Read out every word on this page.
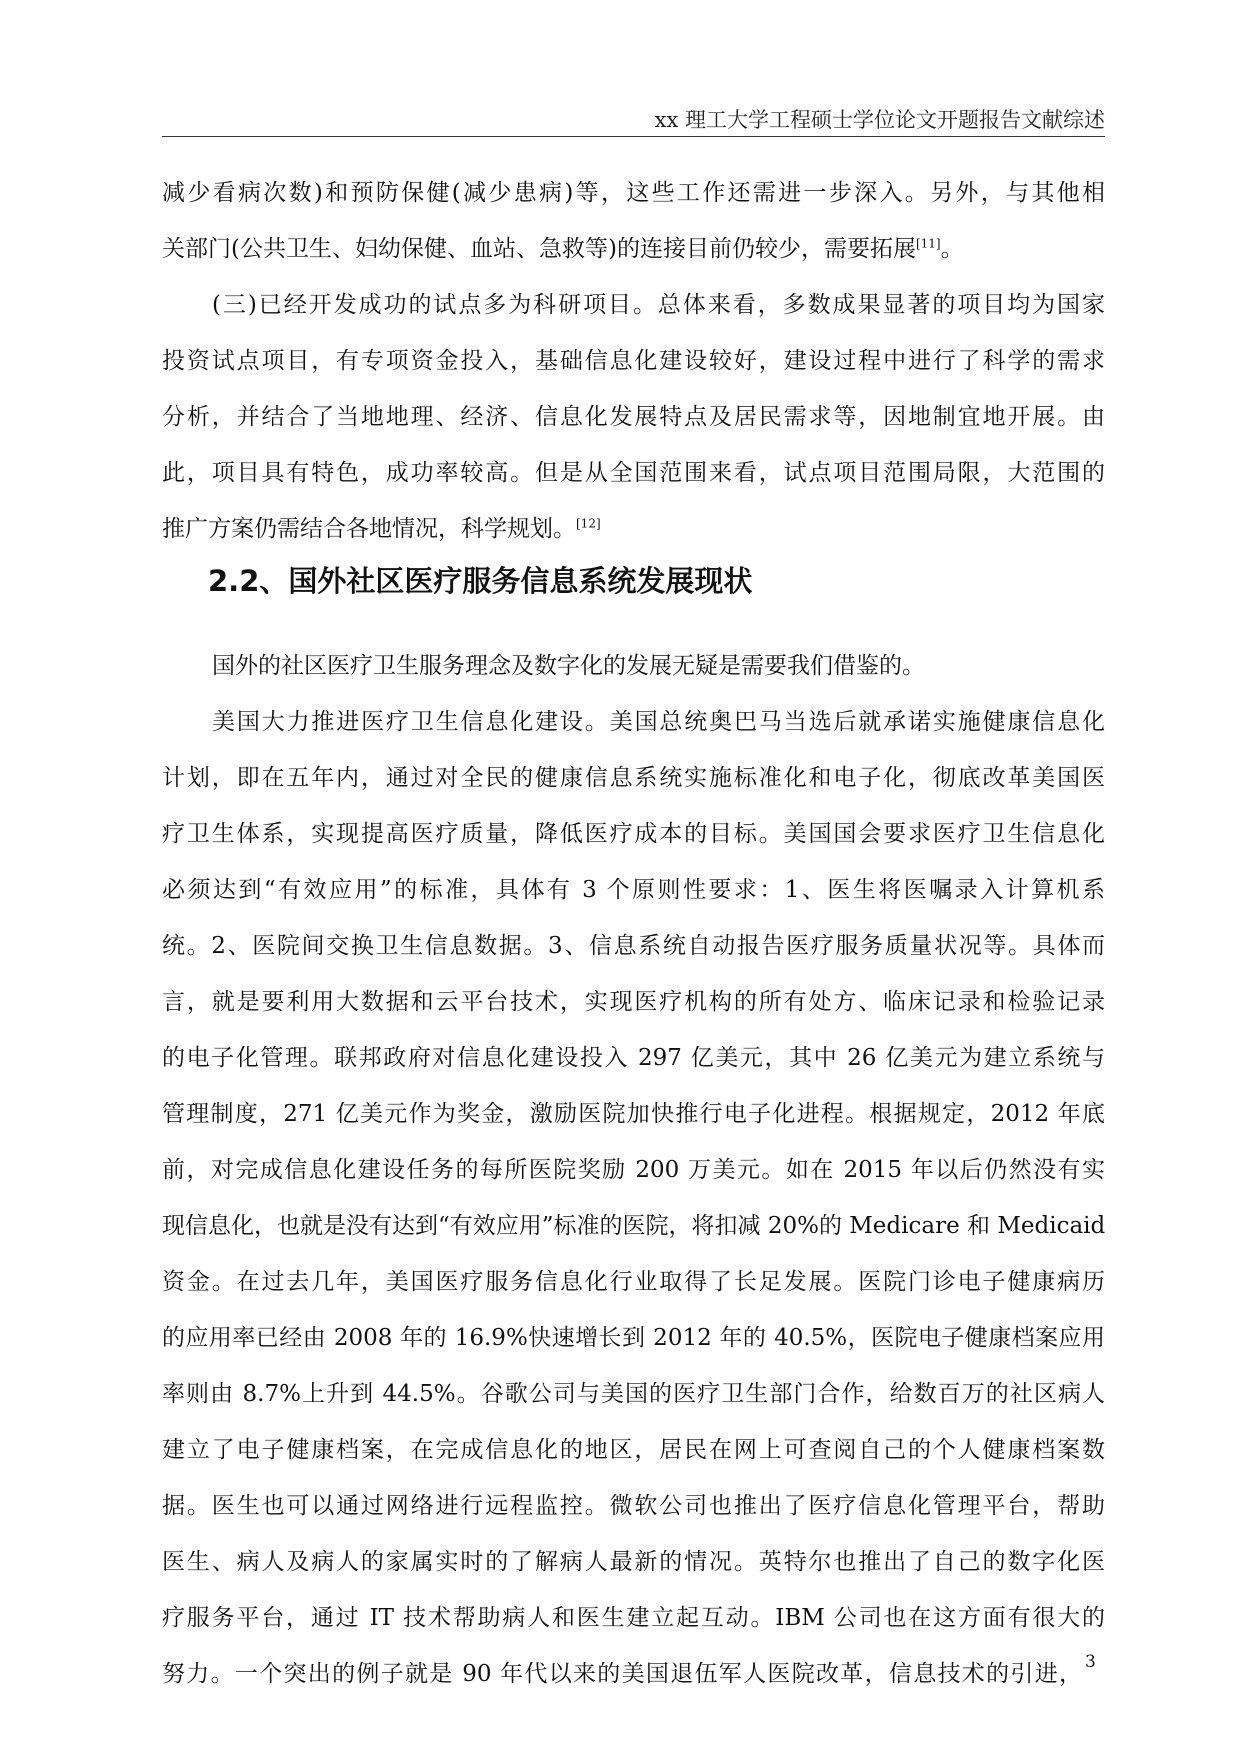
xx 理工大学工程硕士学位论文开题报告文献综述
减少看病次数)和预防保健(减少患病)等，这些工作还需进一步深入。另外，与其他相
关部门(公共卫生、妇幼保健、血站、急救等)的连接目前仍较少，需要拓展[11]。
(三)已经开发成功的试点多为科研项目。总体来看，多数成果显著的项目均为国家
投资试点项目，有专项资金投入，基础信息化建设较好，建设过程中进行了科学的需求
分析，并结合了当地地理、经济、信息化发展特点及居民需求等，因地制宜地开展。由
此，项目具有特色，成功率较高。但是从全国范围来看，试点项目范围局限，大范围的
推广方案仍需结合各地情况，科学规划。[12]
2.2、国外社区医疗服务信息系统发展现状
国外的社区医疗卫生服务理念及数字化的发展无疑是需要我们借鉴的。
美国大力推进医疗卫生信息化建设。美国总统奥巴马当选后就承诺实施健康信息化
计划，即在五年内，通过对全民的健康信息系统实施标准化和电子化，彻底改革美国医
疗卫生体系，实现提高医疗质量，降低医疗成本的目标。美国国会要求医疗卫生信息化
必须达到“有效应用”的标准，具体有 3 个原则性要求：1、医生将医嘱录入计算机系
统。2、医院间交换卫生信息数据。3、信息系统自动报告医疗服务质量状况等。具体而
言，就是要利用大数据和云平台技术，实现医疗机构的所有处方、临床记录和检验记录
的电子化管理。联邦政府对信息化建设投入 297 亿美元，其中 26 亿美元为建立系统与
管理制度，271 亿美元作为奖金，激励医院加快推行电子化进程。根据规定，2012 年底
前，对完成信息化建设任务的每所医院奖励 200 万美元。如在 2015 年以后仍然没有实
现信息化，也就是没有达到“有效应用”标准的医院，将扣减 20%的 Medicare 和 Medicaid
资金。在过去几年，美国医疗服务信息化行业取得了长足发展。医院门诊电子健康病历
的应用率已经由 2008 年的 16.9%快速增长到 2012 年的 40.5%，医院电子健康档案应用
率则由 8.7%上升到 44.5%。谷歌公司与美国的医疗卫生部门合作，给数百万的社区病人
建立了电子健康档案，在完成信息化的地区，居民在网上可查阅自己的个人健康档案数
据。医生也可以通过网络进行远程监控。微软公司也推出了医疗信息化管理平台，帮助
医生、病人及病人的家属实时的了解病人最新的情况。英特尔也推出了自己的数字化医
疗服务平台，通过 IT 技术帮助病人和医生建立起互动。IBM 公司也在这方面有很大的
努力。一个突出的例子就是 90 年代以来的美国退伍军人医院改革，信息技术的引进， 3
